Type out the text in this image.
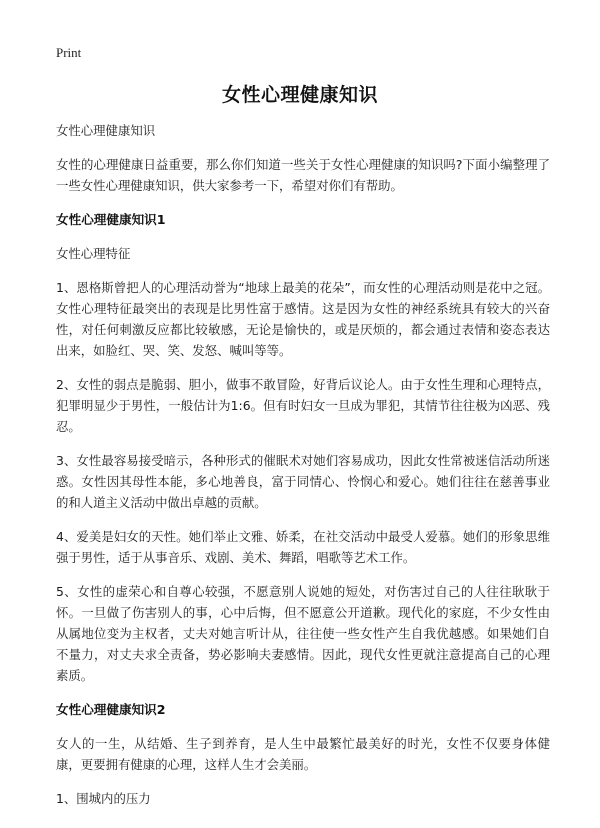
Print
女性心理健康知识
女性心理健康知识
女性的心理健康日益重要，那么你们知道一些关于女性心理健康的知识吗?下面小编整理了一些女性心理健康知识，供大家参考一下，希望对你们有帮助。
女性心理健康知识1
女性心理特征
1、恩格斯曾把人的心理活动誉为“地球上最美的花朵”，而女性的心理活动则是花中之冠。女性心理特征最突出的表现是比男性富于感情。这是因为女性的神经系统具有较大的兴奋性，对任何刺激反应都比较敏感，无论是愉快的，或是厌烦的，都会通过表情和姿态表达出来，如脸红、哭、笑、发怒、喊叫等等。
2、女性的弱点是脆弱、胆小，做事不敢冒险，好背后议论人。由于女性生理和心理特点，犯罪明显少于男性，一般估计为1:6。但有时妇女一旦成为罪犯，其情节往往极为凶恶、残忍。
3、女性最容易接受暗示，各种形式的催眠术对她们容易成功，因此女性常被迷信活动所迷惑。女性因其母性本能，多心地善良，富于同情心、怜悯心和爱心。她们往往在慈善事业的和人道主义活动中做出卓越的贡献。
4、爱美是妇女的天性。她们举止文雅、娇柔，在社交活动中最受人爱慕。她们的形象思维强于男性，适于从事音乐、戏剧、美术、舞蹈，唱歌等艺术工作。
5、女性的虚荣心和自尊心较强，不愿意别人说她的短处，对伤害过自己的人往往耿耿于怀。一旦做了伤害别人的事，心中后悔，但不愿意公开道歉。现代化的家庭，不少女性由从属地位变为主权者，丈夫对她言听计从，往往使一些女性产生自我优越感。如果她们自不量力，对丈夫求全责备，势必影响夫妻感情。因此，现代女性更就注意提高自己的心理素质。
女性心理健康知识2
女人的一生，从结婚、生子到养育，是人生中最繁忙最美好的时光，女性不仅要身体健康，更要拥有健康的心理，这样人生才会美丽。
1、围城内的压力
